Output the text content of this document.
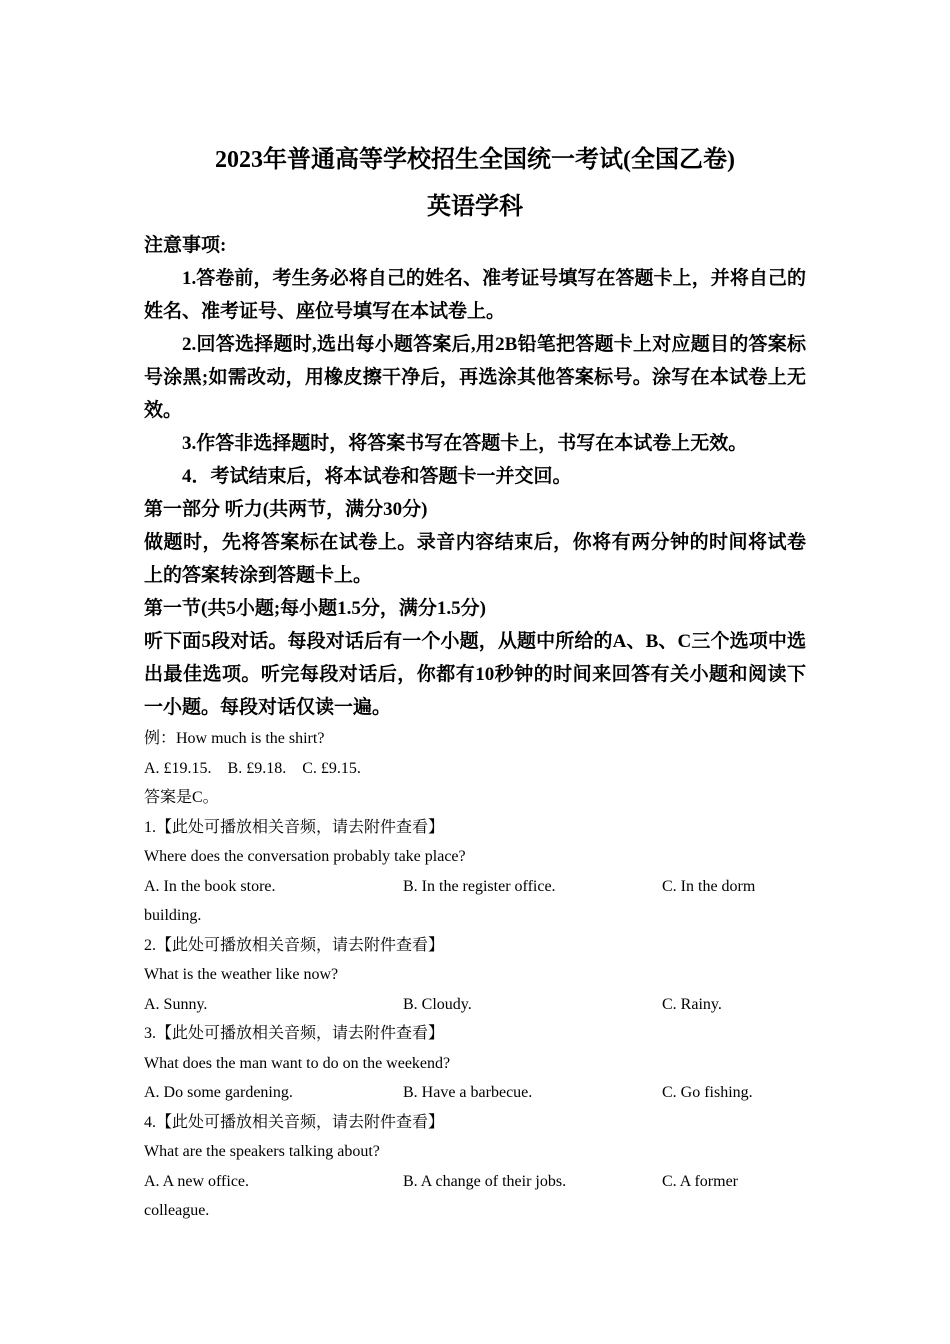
2023年普通高等学校招生全国统一考试(全国乙卷)
英语学科

注意事项:

1.答卷前，考生务必将自己的姓名、准考证号填写在答题卡上，并将自己的姓名、准考证号、座位号填写在本试卷上。

2.回答选择题时,选出每小题答案后,用2B铅笔把答题卡上对应题目的答案标号涂黑;如需改动，用橡皮擦干净后，再选涂其他答案标号。涂写在本试卷上无效。

3.作答非选择题时，将答案书写在答题卡上，书写在本试卷上无效。

4．考试结束后，将本试卷和答题卡一并交回。

第一部分 听力(共两节，满分30分)

做题时，先将答案标在试卷上。录音内容结束后，你将有两分钟的时间将试卷上的答案转涂到答题卡上。

第一节(共5小题;每小题1.5分，满分1.5分)

听下面5段对话。每段对话后有一个小题，从题中所给的A、B、C三个选项中选出最佳选项。听完每段对话后，你都有10秒钟的时间来回答有关小题和阅读下一小题。每段对话仅读一遍。

例：How much is the shirt?

A. £19.15.    B. £9.18.    C. £9.15.

答案是C。

1.【此处可播放相关音频，请去附件查看】

Where does the conversation probably take place?

A. In the book store.	B. In the register office.	C. In the dorm
building.

2.【此处可播放相关音频，请去附件查看】

What is the weather like now?

A. Sunny.	B. Cloudy.	C. Rainy.

3.【此处可播放相关音频，请去附件查看】

What does the man want to do on the weekend?

A. Do some gardening.	B. Have a barbecue.	C. Go fishing.

4.【此处可播放相关音频，请去附件查看】

What are the speakers talking about?

A. A new office.	B. A change of their jobs.	C. A former
colleague.
